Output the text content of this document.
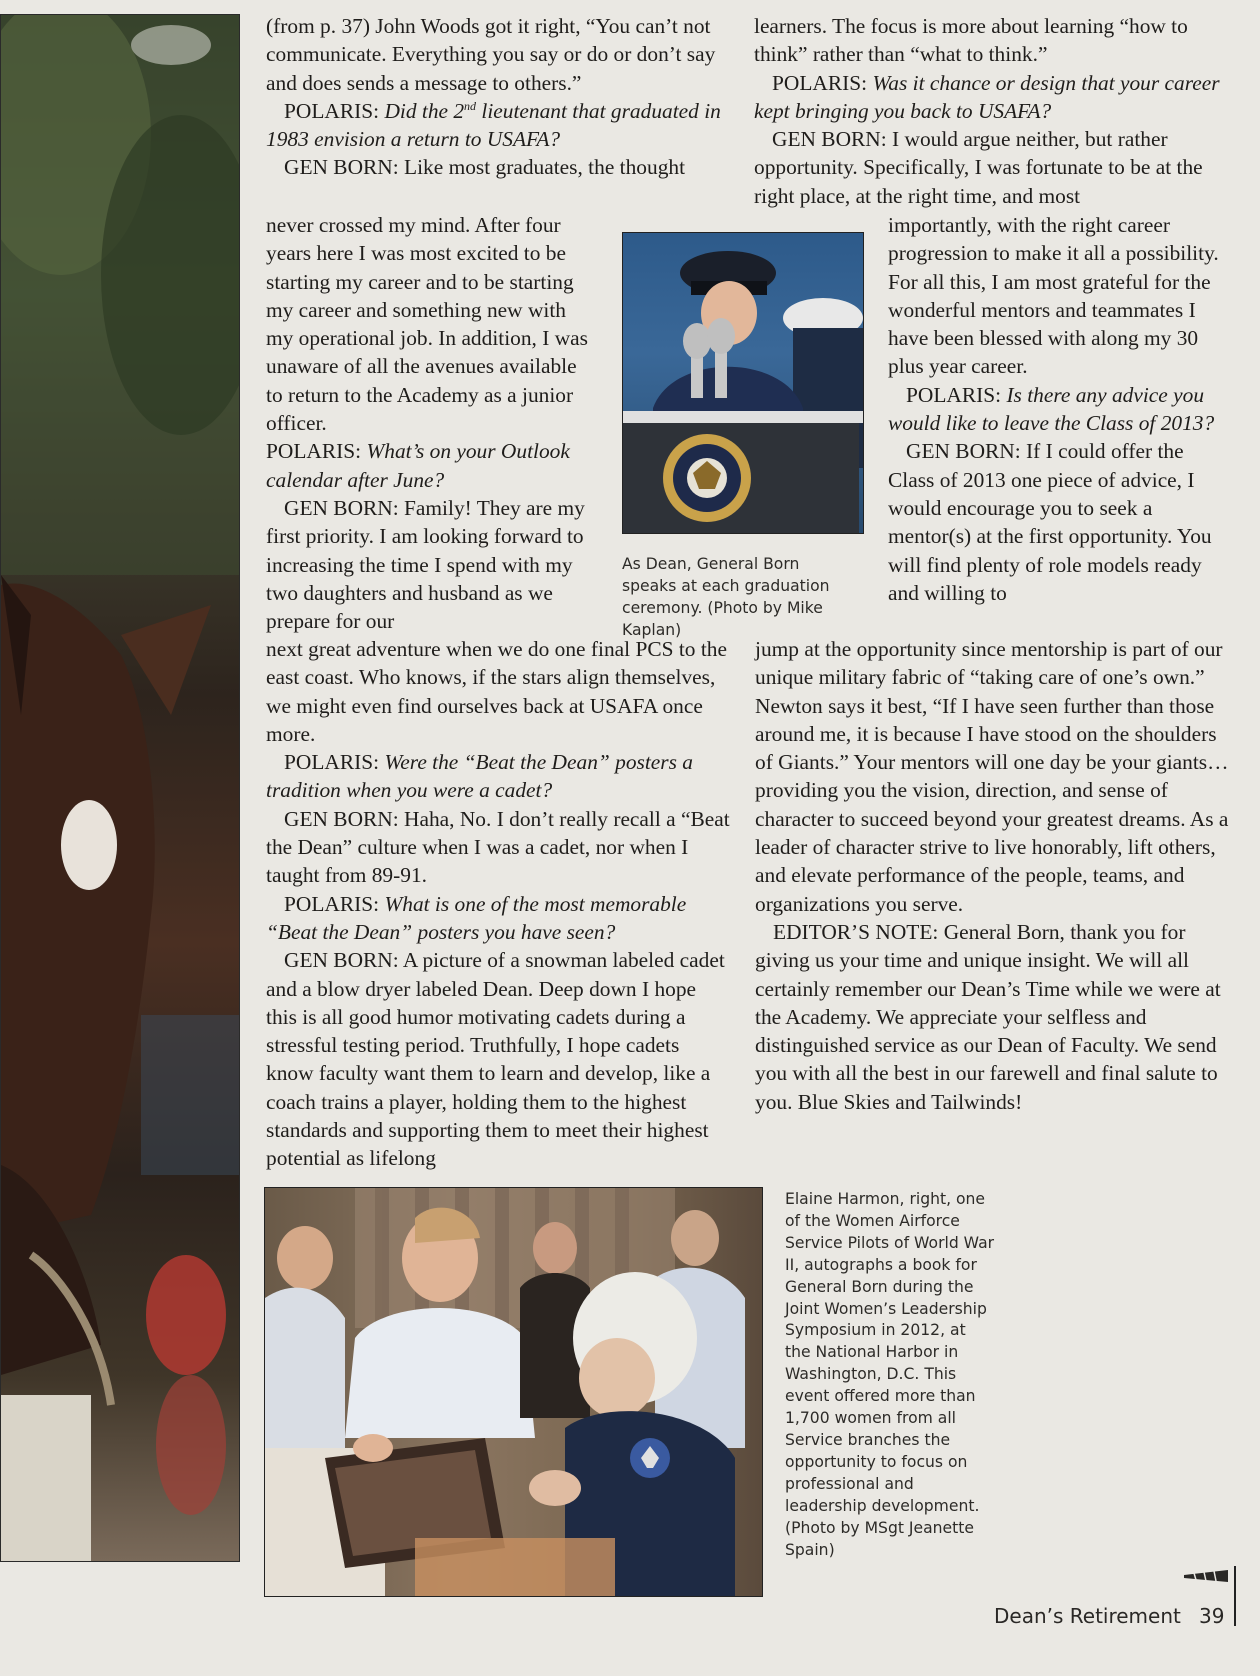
(from p. 37) John Woods got it right, “You can’t not communicate. Everything you say or do or don’t say and does sends a message to others.”

POLARIS: Did the 2nd lieutenant that graduated in 1983 envision a return to USAFA?

GEN BORN: Like most graduates, the thought

never crossed my mind. After four years here I was most excited to be starting my career and to be starting my career and something new with my operational job. In addition, I was unaware of all the avenues available to return to the Academy as a junior officer.

POLARIS: What’s on your Outlook calendar after June?

GEN BORN: Family! They are my first priority. I am looking forward to increasing the time I spend with my two daughters and husband as we prepare for our

next great adventure when we do one final PCS to the east coast. Who knows, if the stars align themselves, we might even find ourselves back at USAFA once more.

POLARIS: Were the “Beat the Dean” posters a tradition when you were a cadet?

GEN BORN: Haha, No. I don’t really recall a “Beat the Dean” culture when I was a cadet, nor when I taught from 89-91.

POLARIS: What is one of the most memorable “Beat the Dean” posters you have seen?

GEN BORN: A picture of a snowman labeled cadet and a blow dryer labeled Dean. Deep down I hope this is all good humor motivating cadets during a stressful testing period. Truthfully, I hope cadets know faculty want them to learn and develop, like a coach trains a player, holding them to the highest standards and supporting them to meet their highest potential as lifelong

learners. The focus is more about learning “how to think” rather than “what to think.”

POLARIS: Was it chance or design that your career kept bringing you back to USAFA?

GEN BORN: I would argue neither, but rather opportunity. Specifically, I was fortunate to be at the right place, at the right time, and most

importantly, with the right career progression to make it all a possibility. For all this, I am most grateful for the wonderful mentors and teammates I have been blessed with along my 30 plus year career.

POLARIS: Is there any advice you would like to leave the Class of 2013?

GEN BORN: If I could offer the Class of 2013 one piece of advice, I would encourage you to seek a mentor(s) at the first opportunity. You will find plenty of role models ready and willing to

jump at the opportunity since mentorship is part of our unique military fabric of “taking care of one’s own.” Newton says it best, “If I have seen further than those around me, it is because I have stood on the shoulders of Giants.” Your mentors will one day be your giants…providing you the vision, direction, and sense of character to succeed beyond your greatest dreams. As a leader of character strive to live honorably, lift others, and elevate performance of the people, teams, and organizations you serve.

EDITOR’S NOTE: General Born, thank you for giving us your time and unique insight. We will all certainly remember our Dean’s Time while we were at the Academy. We appreciate your selfless and distinguished service as our Dean of Faculty. We send you with all the best in our farewell and final salute to you. Blue Skies and Tailwinds!

As Dean, General Born speaks at each graduation ceremony. (Photo by Mike Kaplan)
Elaine Harmon, right, one of the Women Airforce Service Pilots of World War II, autographs a book for General Born during the Joint Women’s Leadership Symposium in 2012, at the National Harbor in Washington, D.C. This event offered more than 1,700 women from all Service branches the opportunity to focus on professional and leadership development. (Photo by MSgt Jeanette Spain)
Dean’s Retirement 39
